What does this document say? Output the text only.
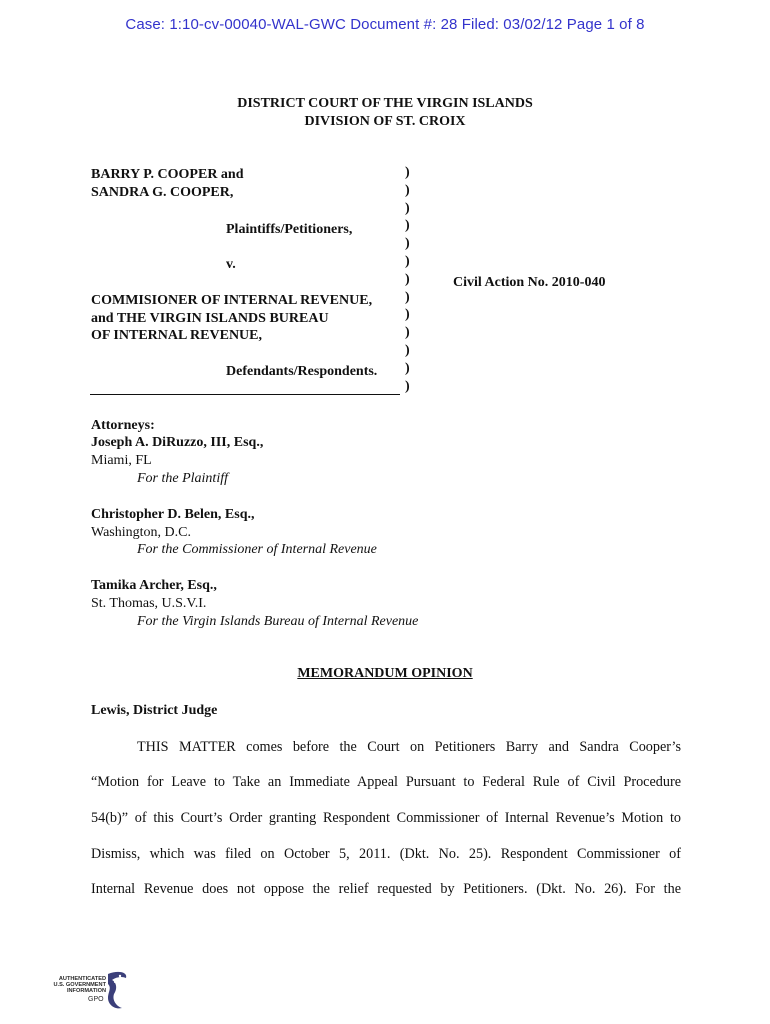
Case: 1:10-cv-00040-WAL-GWC Document #: 28 Filed: 03/02/12 Page 1 of 8
DISTRICT COURT OF THE VIRGIN ISLANDS
DIVISION OF ST. CROIX
BARRY P. COOPER and
SANDRA G. COOPER,
Plaintiffs/Petitioners,
v.
COMMISIONER OF INTERNAL REVENUE,
and THE VIRGIN ISLANDS BUREAU
OF INTERNAL REVENUE,
Defendants/Respondents.
)
)
)
)
)
)
)
)
)
)
)
)
)
Civil Action No. 2010-040
Attorneys:
Joseph A. DiRuzzo, III, Esq.,
Miami, FL
For the Plaintiff
Christopher D. Belen, Esq.,
Washington, D.C.
For the Commissioner of Internal Revenue
Tamika Archer, Esq.,
St. Thomas, U.S.V.I.
For the Virgin Islands Bureau of Internal Revenue
MEMORANDUM OPINION
Lewis, District Judge
THIS MATTER comes before the Court on Petitioners Barry and Sandra Cooper’s
“Motion for Leave to Take an Immediate Appeal Pursuant to Federal Rule of Civil Procedure
54(b)” of this Court’s Order granting Respondent Commissioner of Internal Revenue’s Motion to
Dismiss, which was filed on October 5, 2011. (Dkt. No. 25). Respondent Commissioner of
Internal Revenue does not oppose the relief requested by Petitioners. (Dkt. No. 26). For the
AUTHENTICATED
U.S. GOVERNMENT
INFORMATION
GPO
